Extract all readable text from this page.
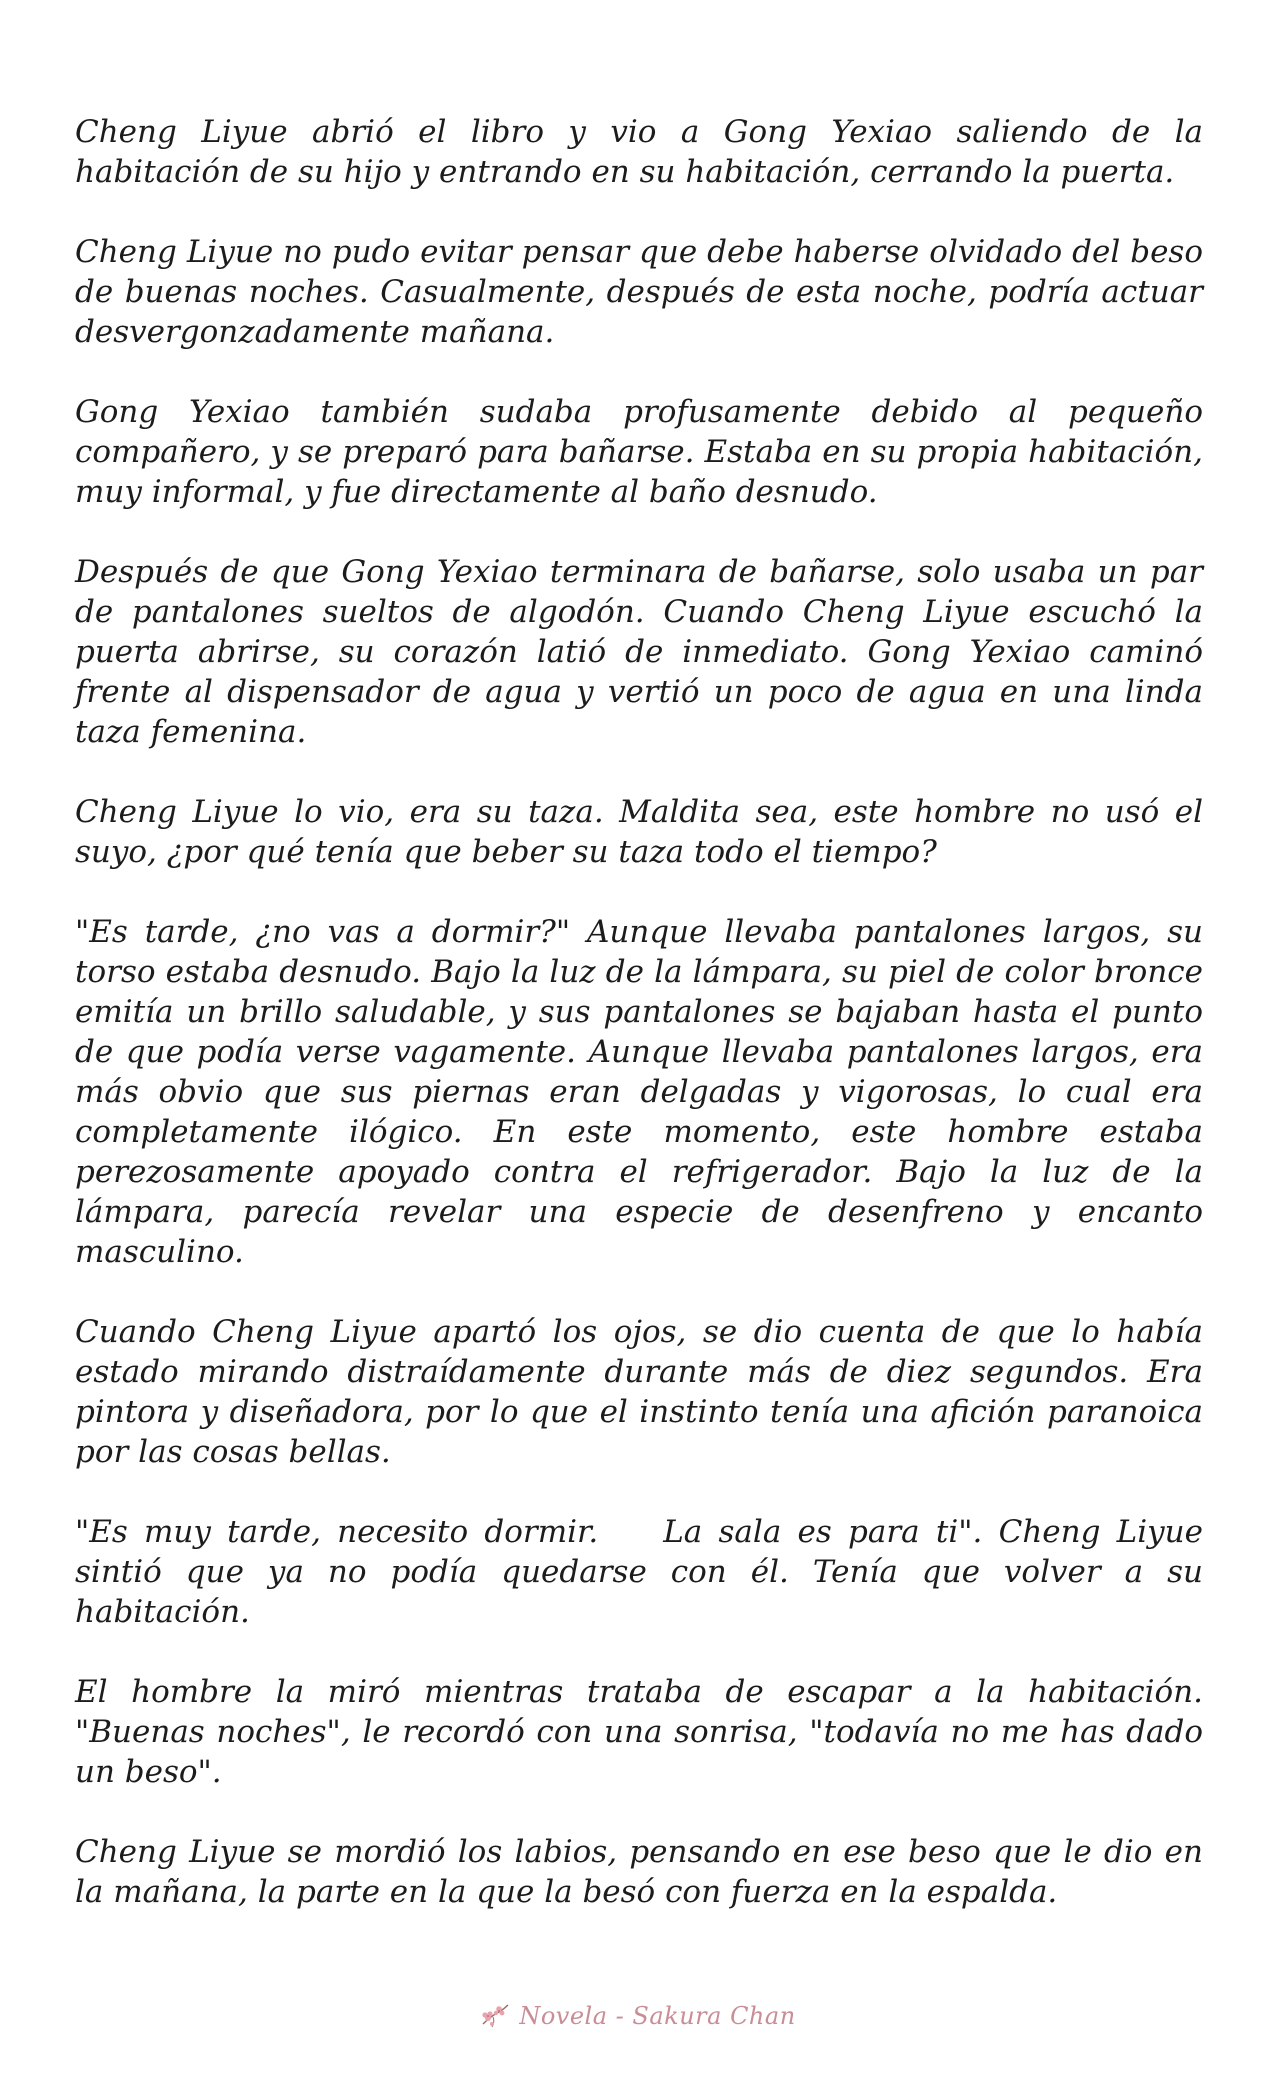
Cheng Liyue abrió el libro y vio a Gong Yexiao saliendo de la habitación de su hijo y entrando en su habitación, cerrando la puerta.

Cheng Liyue no pudo evitar pensar que debe haberse olvidado del beso de buenas noches. Casualmente, después de esta noche, podría actuar desvergonzadamente mañana.

Gong Yexiao también sudaba profusamente debido al pequeño compañero, y se preparó para bañarse. Estaba en su propia habitación, muy informal, y fue directamente al baño desnudo.

Después de que Gong Yexiao terminara de bañarse, solo usaba un par de pantalones sueltos de algodón. Cuando Cheng Liyue escuchó la puerta abrirse, su corazón latió de inmediato. Gong Yexiao caminó frente al dispensador de agua y vertió un poco de agua en una linda taza femenina.

Cheng Liyue lo vio, era su taza. Maldita sea, este hombre no usó el suyo, ¿por qué tenía que beber su taza todo el tiempo?

"Es tarde, ¿no vas a dormir?" Aunque llevaba pantalones largos, su torso estaba desnudo. Bajo la luz de la lámpara, su piel de color bronce emitía un brillo saludable, y sus pantalones se bajaban hasta el punto de que podía verse vagamente. Aunque llevaba pantalones largos, era más obvio que sus piernas eran delgadas y vigorosas, lo cual era completamente ilógico. En este momento, este hombre estaba perezosamente apoyado contra el refrigerador. Bajo la luz de la lámpara, parecía revelar una especie de desenfreno y encanto masculino.

Cuando Cheng Liyue apartó los ojos, se dio cuenta de que lo había estado mirando distraídamente durante más de diez segundos. Era pintora y diseñadora, por lo que el instinto tenía una afición paranoica por las cosas bellas.

"Es muy tarde, necesito dormir.    La sala es para ti". Cheng Liyue sintió que ya no podía quedarse con él. Tenía que volver a su habitación.

El hombre la miró mientras trataba de escapar a la habitación. "Buenas noches", le recordó con una sonrisa, "todavía no me has dado un beso".

Cheng Liyue se mordió los labios, pensando en ese beso que le dio en la mañana, la parte en la que la besó con fuerza en la espalda.

Novela - Sakura Chan
